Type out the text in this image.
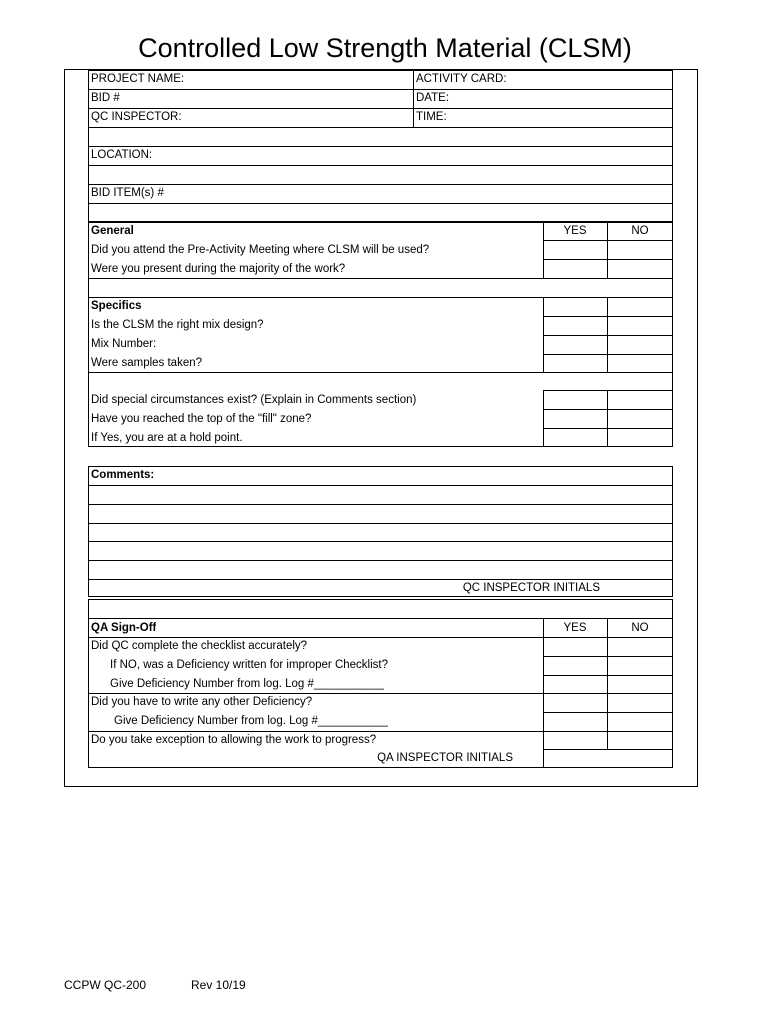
Controlled Low Strength Material (CLSM)
PROJECT NAME:	ACTIVITY CARD:
BID #	DATE:
QC INSPECTOR:	TIME:
LOCATION:
BID ITEM(s) #
General	YES	NO
Did you attend the Pre-Activity Meeting where CLSM will be used?
Were you present during the majority of the work?
Specifics
Is the CLSM the right mix design?
Mix Number:
Were samples taken?
Did special circumstances exist? (Explain in Comments section)
Have you reached the top of the "fill" zone?
If Yes, you are at a hold point.
Comments:
QC INSPECTOR INITIALS
QA Sign-Off	YES	NO
Did QC complete the checklist accurately?
If NO, was a Deficiency written for improper Checklist?
Give Deficiency Number from log. Log #___________
Did you have to write any other Deficiency?
Give Deficiency Number from log. Log #___________
Do you take exception to allowing the work to progress?
QA INSPECTOR INITIALS
CCPW QC-200	Rev 10/19
